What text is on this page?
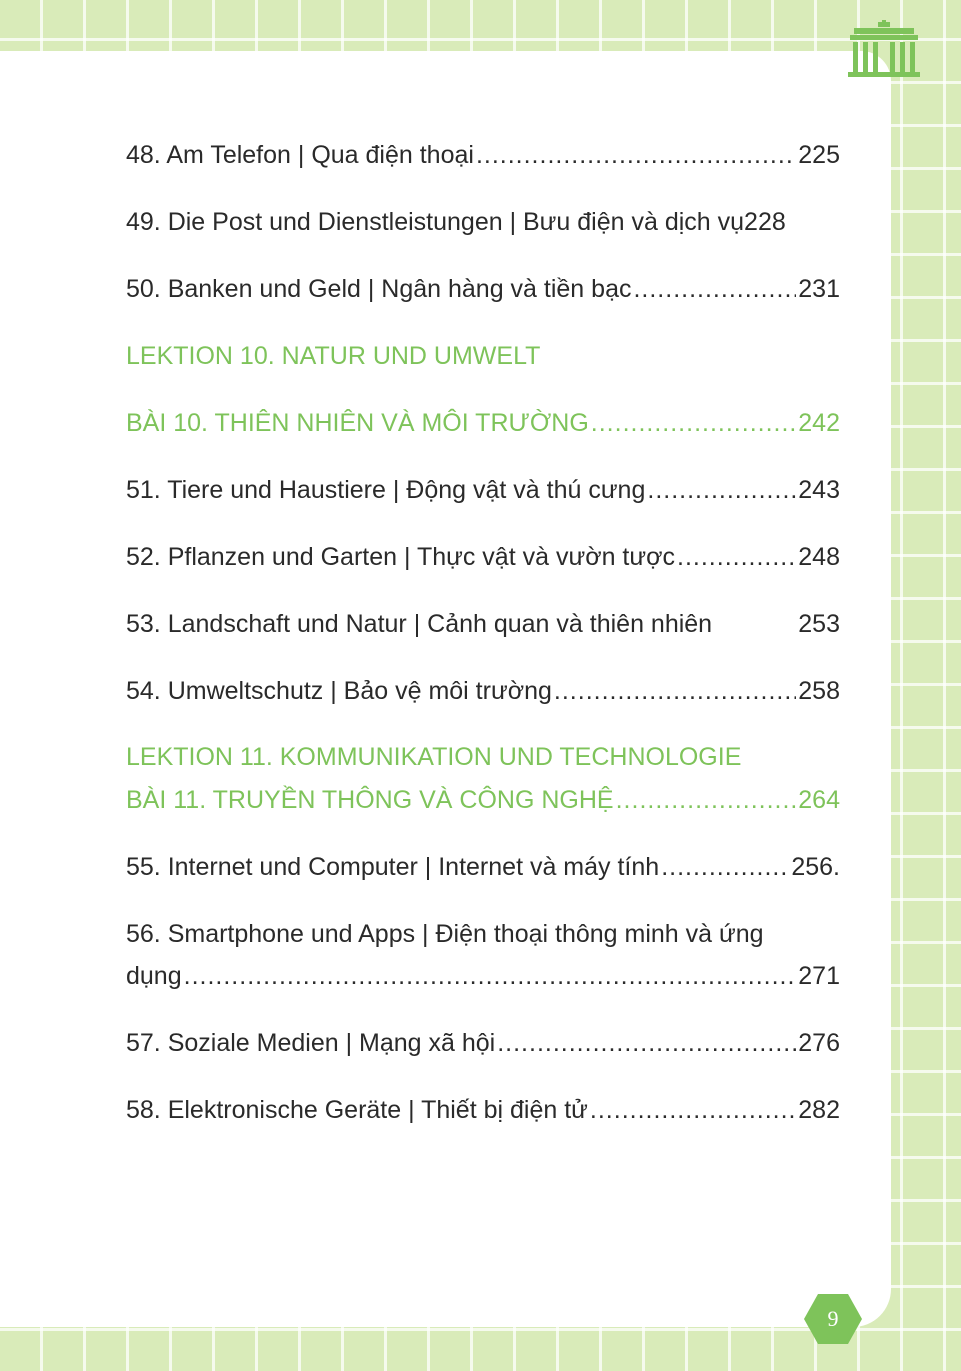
48. Am Telefon | Qua điện thoại .....	225
49. Die Post und Dienstleistungen | Bưu điện và dịch vụ228
50. Banken und Geld | Ngân hàng và tiền bạc .....	231
LEKTION 10. NATUR UND UMWELT
BÀI 10. THIÊN NHIÊN VÀ MÔI TRƯỜNG .....	242
51. Tiere und Haustiere | Động vật và thú cưng .....	243
52. Pflanzen und Garten | Thực vật và vườn tược .....	248
53. Landschaft und Natur | Cảnh quan và thiên nhiên	253
54. Umweltschutz | Bảo vệ môi trường .....	258
LEKTION 11. KOMMUNIKATION UND TECHNOLOGIE
BÀI 11. TRUYỀN THÔNG VÀ CÔNG NGHỆ .....	264
55. Internet und Computer | Internet và máy tính .....	256.
56. Smartphone und Apps | Điện thoại thông minh và ứng
dụng .....	271
57. Soziale Medien | Mạng xã hội .....	276
58. Elektronische Geräte | Thiết bị điện tử .....	282
9
